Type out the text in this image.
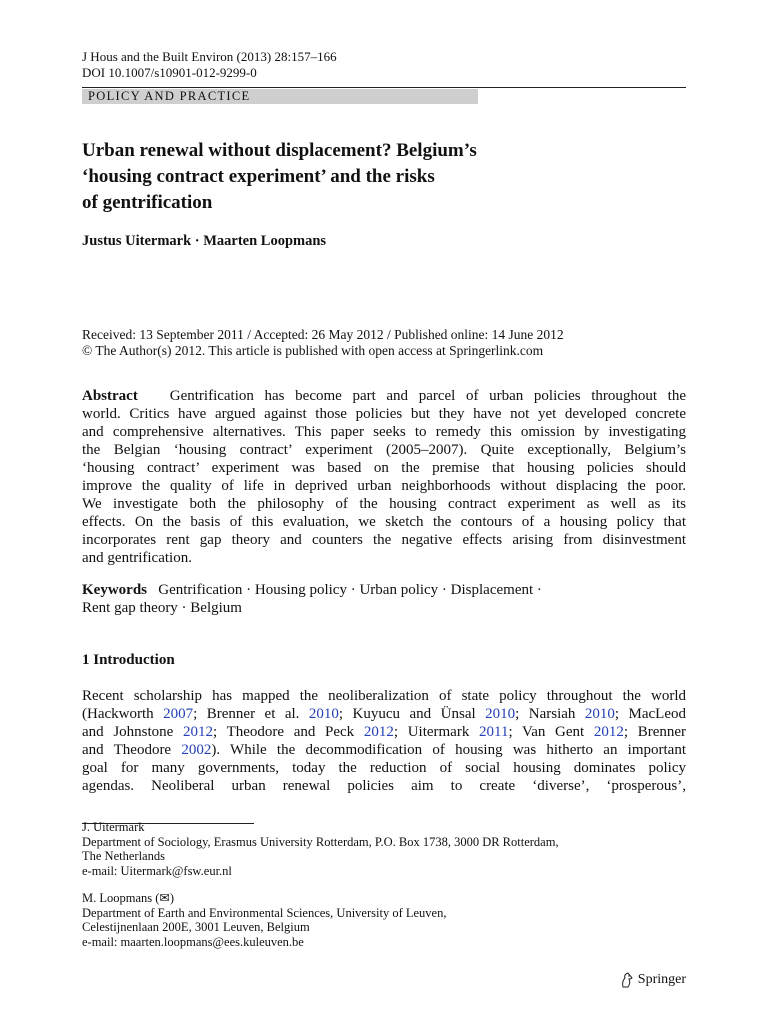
J Hous and the Built Environ (2013) 28:157–166
DOI 10.1007/s10901-012-9299-0
POLICY AND PRACTICE
Urban renewal without displacement? Belgium’s
‘housing contract experiment’ and the risks
of gentrification
Justus Uitermark · Maarten Loopmans
Received: 13 September 2011 / Accepted: 26 May 2012 / Published online: 14 June 2012
© The Author(s) 2012. This article is published with open access at Springerlink.com
Abstract Gentrification has become part and parcel of urban policies throughout the
world. Critics have argued against those policies but they have not yet developed concrete
and comprehensive alternatives. This paper seeks to remedy this omission by investigating
the Belgian ‘housing contract’ experiment (2005–2007). Quite exceptionally, Belgium’s
‘housing contract’ experiment was based on the premise that housing policies should
improve the quality of life in deprived urban neighborhoods without displacing the poor.
We investigate both the philosophy of the housing contract experiment as well as its
effects. On the basis of this evaluation, we sketch the contours of a housing policy that
incorporates rent gap theory and counters the negative effects arising from disinvestment
and gentrification.
Keywords Gentrification · Housing policy · Urban policy · Displacement ·
Rent gap theory · Belgium
1 Introduction
Recent scholarship has mapped the neoliberalization of state policy throughout the world
(Hackworth 2007; Brenner et al. 2010; Kuyucu and Ünsal 2010; Narsiah 2010; MacLeod
and Johnstone 2012; Theodore and Peck 2012; Uitermark 2011; Van Gent 2012; Brenner
and Theodore 2002). While the decommodification of housing was hitherto an important
goal for many governments, today the reduction of social housing dominates policy
agendas. Neoliberal urban renewal policies aim to create ‘diverse’, ‘prosperous’,
J. Uitermark
Department of Sociology, Erasmus University Rotterdam, P.O. Box 1738, 3000 DR Rotterdam,
The Netherlands
e-mail: Uitermark@fsw.eur.nl
M. Loopmans (✉)
Department of Earth and Environmental Sciences, University of Leuven,
Celestijnenlaan 200E, 3001 Leuven, Belgium
e-mail: maarten.loopmans@ees.kuleuven.be
Springer
